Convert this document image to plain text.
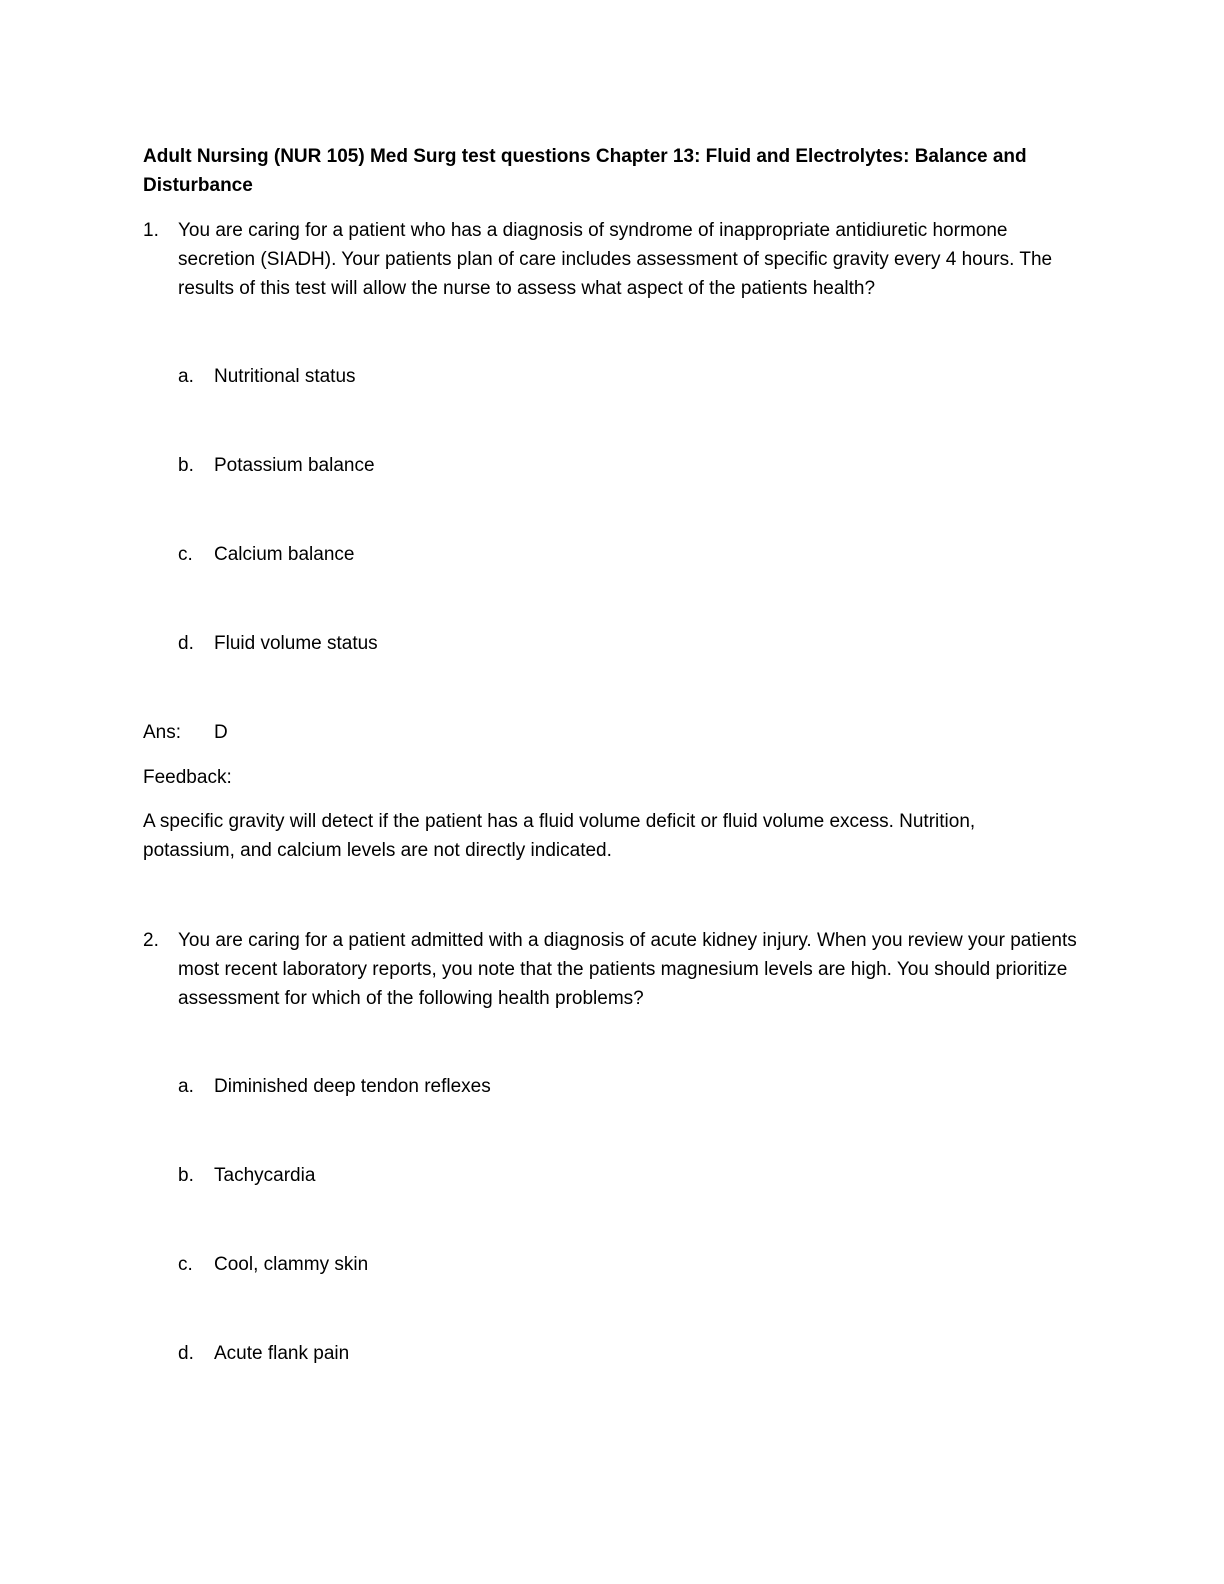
Adult Nursing (NUR 105) Med Surg test questions Chapter 13: Fluid and Electrolytes: Balance and Disturbance

1.	You are caring for a patient who has a diagnosis of syndrome of inappropriate antidiuretic hormone secretion (SIADH). Your patients plan of care includes assessment of specific gravity every 4 hours. The results of this test will allow the nurse to assess what aspect of the patients health?

a.	Nutritional status
b.	Potassium balance
c.	Calcium balance
d.	Fluid volume status
Ans: D
Feedback:

A specific gravity will detect if the patient has a fluid volume deficit or fluid volume excess. Nutrition, potassium, and calcium levels are not directly indicated.

2.	You are caring for a patient admitted with a diagnosis of acute kidney injury. When you review your patients most recent laboratory reports, you note that the patients magnesium levels are high. You should prioritize assessment for which of the following health problems?

a.	Diminished deep tendon reflexes
b.	Tachycardia
c.	Cool, clammy skin
d.	Acute flank pain
